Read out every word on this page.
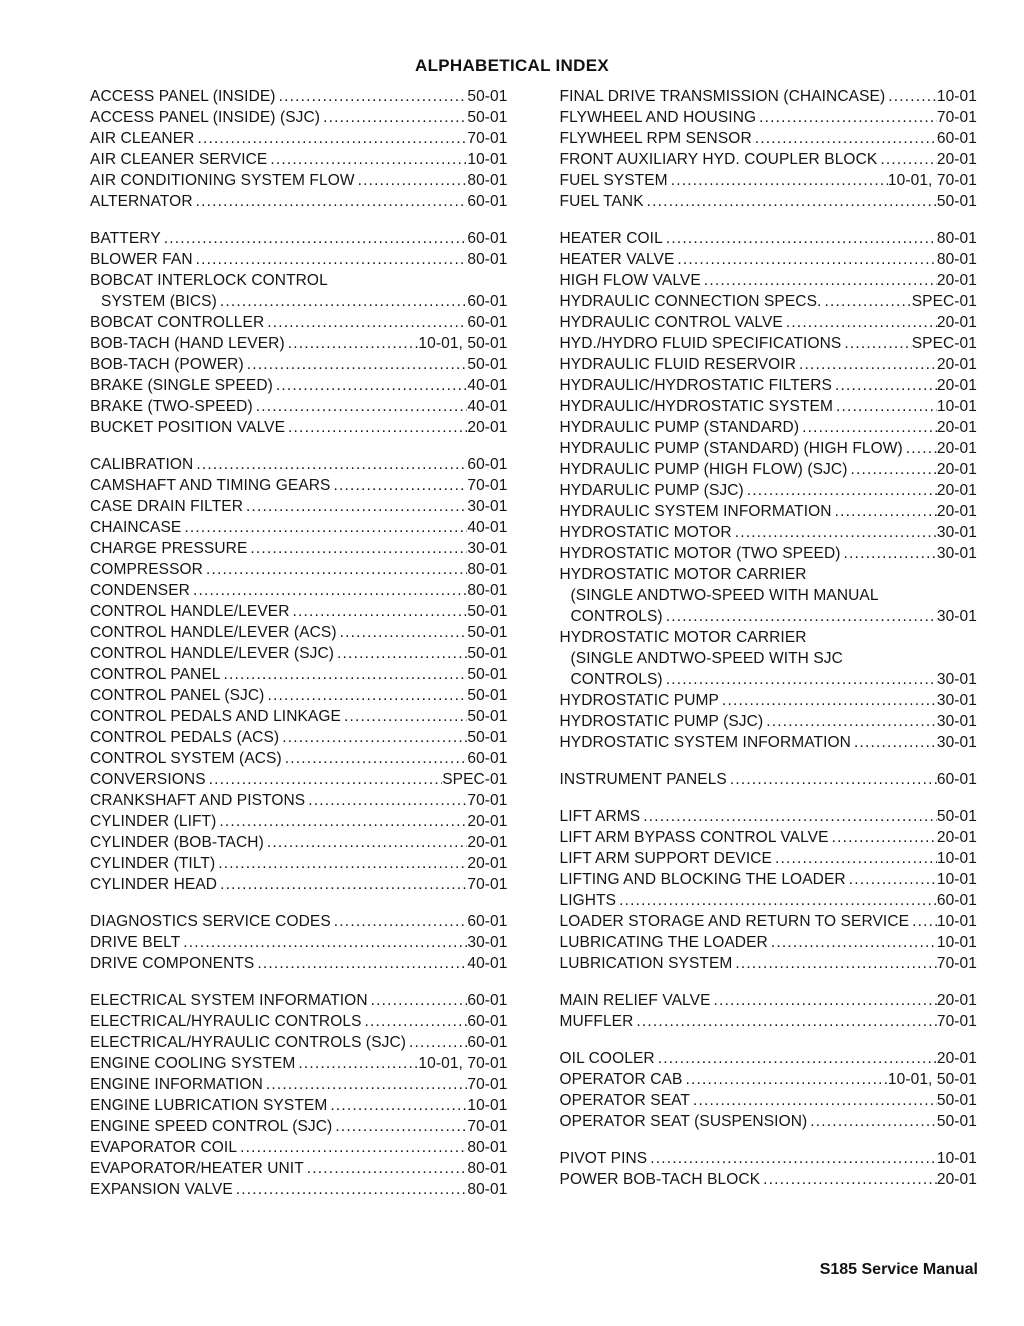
ALPHABETICAL INDEX
ACCESS PANEL (INSIDE) .....	50-01
ACCESS PANEL (INSIDE) (SJC) .....	50-01
AIR CLEANER .....	70-01
AIR CLEANER SERVICE .....	10-01
AIR CONDITIONING SYSTEM FLOW .....	80-01
ALTERNATOR .....	60-01
BATTERY .....	60-01
BLOWER FAN .....	80-01
BOBCAT INTERLOCK CONTROL
SYSTEM (BICS) .....	60-01
BOBCAT CONTROLLER .....	60-01
BOB-TACH (HAND LEVER) .....	10-01, 50-01
BOB-TACH (POWER) .....	50-01
BRAKE (SINGLE SPEED) .....	40-01
BRAKE (TWO-SPEED) .....	40-01
BUCKET POSITION VALVE .....	20-01
CALIBRATION .....	60-01
CAMSHAFT AND TIMING GEARS .....	70-01
CASE DRAIN FILTER .....	30-01
CHAINCASE .....	40-01
CHARGE PRESSURE .....	30-01
COMPRESSOR .....	80-01
CONDENSER .....	80-01
CONTROL HANDLE/LEVER .....	50-01
CONTROL HANDLE/LEVER (ACS) .....	50-01
CONTROL HANDLE/LEVER (SJC) .....	50-01
CONTROL PANEL .....	50-01
CONTROL PANEL (SJC) .....	50-01
CONTROL PEDALS AND LINKAGE .....	50-01
CONTROL PEDALS (ACS) .....	50-01
CONTROL SYSTEM (ACS) .....	60-01
CONVERSIONS .....	SPEC-01
CRANKSHAFT AND PISTONS .....	70-01
CYLINDER (LIFT) .....	20-01
CYLINDER (BOB-TACH) .....	20-01
CYLINDER (TILT) .....	20-01
CYLINDER HEAD .....	70-01
DIAGNOSTICS SERVICE CODES .....	60-01
DRIVE BELT .....	30-01
DRIVE COMPONENTS .....	40-01
ELECTRICAL SYSTEM INFORMATION .....	60-01
ELECTRICAL/HYRAULIC CONTROLS .....	60-01
ELECTRICAL/HYRAULIC CONTROLS (SJC) .....	60-01
ENGINE COOLING SYSTEM .....	10-01, 70-01
ENGINE INFORMATION .....	70-01
ENGINE LUBRICATION SYSTEM .....	10-01
ENGINE SPEED CONTROL (SJC) .....	70-01
EVAPORATOR COIL .....	80-01
EVAPORATOR/HEATER UNIT .....	80-01
EXPANSION VALVE .....	80-01
FINAL DRIVE TRANSMISSION (CHAINCASE) .....	10-01
FLYWHEEL AND HOUSING .....	70-01
FLYWHEEL RPM SENSOR .....	60-01
FRONT AUXILIARY HYD. COUPLER BLOCK .....	20-01
FUEL SYSTEM .....	10-01, 70-01
FUEL TANK .....	50-01
HEATER COIL .....	80-01
HEATER VALVE .....	80-01
HIGH FLOW VALVE .....	20-01
HYDRAULIC CONNECTION SPECS. .....	SPEC-01
HYDRAULIC CONTROL VALVE .....	20-01
HYD./HYDRO FLUID SPECIFICATIONS .....	SPEC-01
HYDRAULIC FLUID RESERVOIR .....	20-01
HYDRAULIC/HYDROSTATIC FILTERS .....	20-01
HYDRAULIC/HYDROSTATIC SYSTEM .....	10-01
HYDRAULIC PUMP (STANDARD) .....	20-01
HYDRAULIC PUMP (STANDARD) (HIGH FLOW) ..... 20-01
HYDRAULIC PUMP (HIGH FLOW) (SJC) .....	20-01
HYDARULIC PUMP (SJC) .....	20-01
HYDRAULIC SYSTEM INFORMATION .....	20-01
HYDROSTATIC MOTOR .....	30-01
HYDROSTATIC MOTOR (TWO SPEED) .....	30-01
HYDROSTATIC MOTOR CARRIER
(SINGLE ANDTWO-SPEED WITH MANUAL
CONTROLS) .....	30-01
HYDROSTATIC MOTOR CARRIER
(SINGLE ANDTWO-SPEED WITH SJC
CONTROLS) .....	30-01
HYDROSTATIC PUMP .....	30-01
HYDROSTATIC PUMP (SJC) .....	30-01
HYDROSTATIC SYSTEM INFORMATION .....	30-01
INSTRUMENT PANELS .....	60-01
LIFT ARMS .....	50-01
LIFT ARM BYPASS CONTROL VALVE .....	20-01
LIFT ARM SUPPORT DEVICE .....	10-01
LIFTING AND BLOCKING THE LOADER .....	10-01
LIGHTS .....	60-01
LOADER STORAGE AND RETURN TO SERVICE ..... 10-01
LUBRICATING THE LOADER .....	10-01
LUBRICATION SYSTEM .....	70-01
MAIN RELIEF VALVE .....	20-01
MUFFLER .....	70-01
OIL COOLER .....	20-01
OPERATOR CAB .....	10-01, 50-01
OPERATOR SEAT .....	50-01
OPERATOR SEAT (SUSPENSION) .....	50-01
PIVOT PINS .....	10-01
POWER BOB-TACH BLOCK .....	20-01
S185 Service Manual
